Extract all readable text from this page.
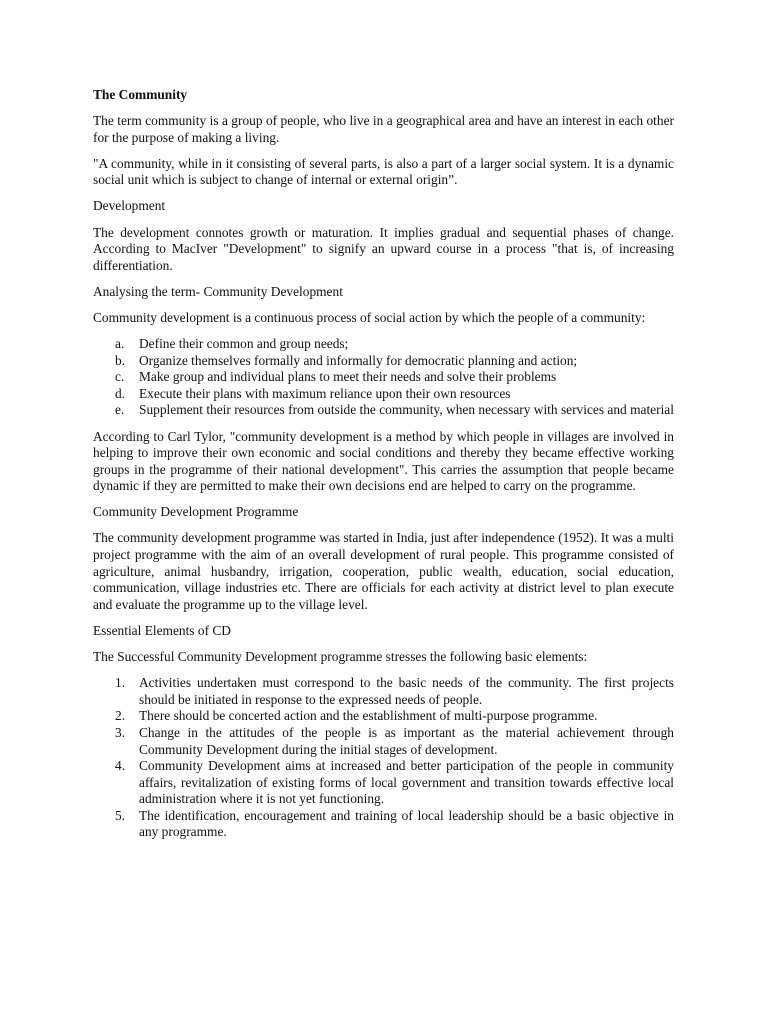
The Community

The term community is a group of people, who live in a geographical area and have an interest in each other for the purpose of making a living.

"A community, while in it consisting of several parts, is also a part of a larger social system. It is a dynamic social unit which is subject to change of internal or external origin”.

Development

The development connotes growth or maturation. It implies gradual and sequential phases of change. According to MacIver "Development" to signify an upward course in a process "that is, of increasing differentiation.

Analysing the term- Community Development

Community development is a continuous process of social action by which the people of a community:

a. Define their common and group needs;
b. Organize themselves formally and informally for democratic planning and action;
c. Make group and individual plans to meet their needs and solve their problems
d. Execute their plans with maximum reliance upon their own resources
e. Supplement their resources from outside the community, when necessary with services and material

According to Carl Tylor, "community development is a method by which people in villages are involved in helping to improve their own economic and social conditions and thereby they became effective working groups in the programme of their national development". This carries the assumption that people became dynamic if they are permitted to make their own decisions end are helped to carry on the programme.

Community Development Programme

The community development programme was started in India, just after independence (1952). It was a multi project programme with the aim of an overall development of rural people. This programme consisted of agriculture, animal husbandry, irrigation, cooperation, public wealth, education, social education, communication, village industries etc. There are officials for each activity at district level to plan execute and evaluate the programme up to the village level.

Essential Elements of CD

The Successful Community Development programme stresses the following basic elements:

1. Activities undertaken must correspond to the basic needs of the community. The first projects should be initiated in response to the expressed needs of people.
2. There should be concerted action and the establishment of multi-purpose programme.
3. Change in the attitudes of the people is as important as the material achievement through Community Development during the initial stages of development.
4. Community Development aims at increased and better participation of the people in community affairs, revitalization of existing forms of local government and transition towards effective local administration where it is not yet functioning.
5. The identification, encouragement and training of local leadership should be a basic objective in any programme.
